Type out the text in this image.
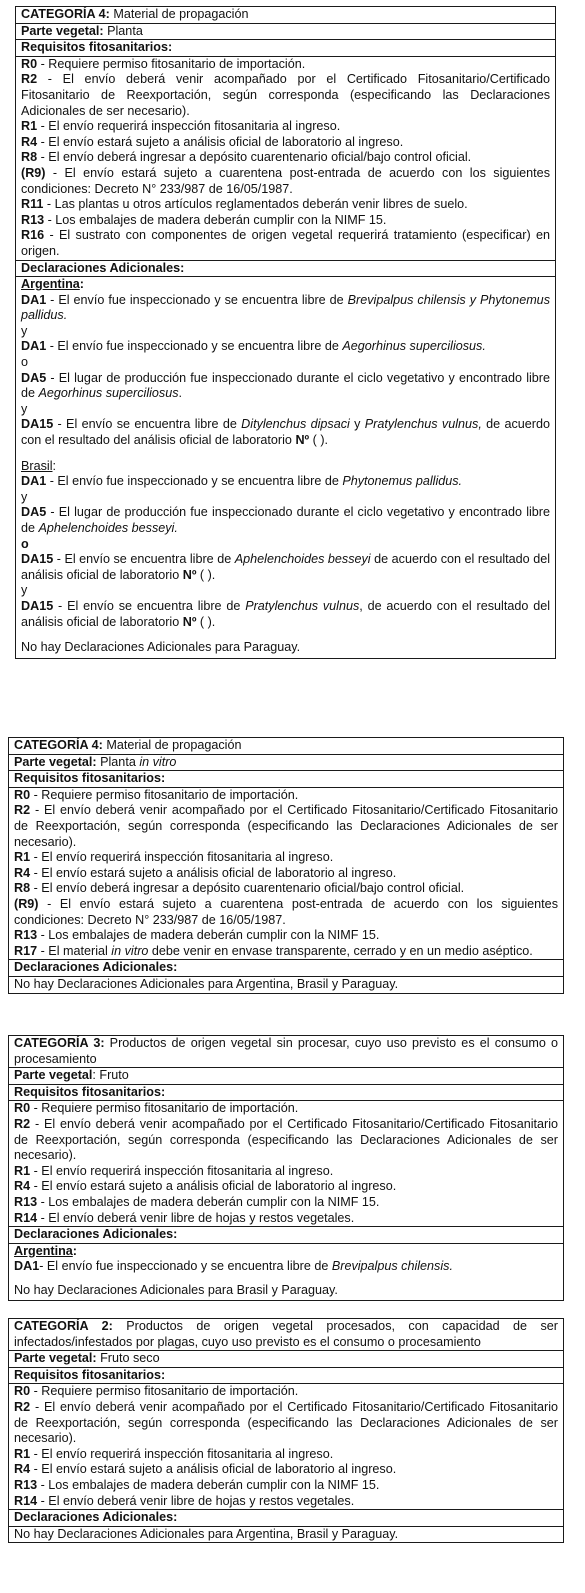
CATEGORÍA 4: Material de propagación
Parte vegetal: Planta
Requisitos fitosanitarios:

R0 - Requiere permiso fitosanitario de importación.
R2 - El envío deberá venir acompañado por el Certificado Fitosanitario/Certificado Fitosanitario de Reexportación, según corresponda (especificando las Declaraciones Adicionales de ser necesario).
R1 - El envío requerirá inspección fitosanitaria al ingreso.
R4 - El envío estará sujeto a análisis oficial de laboratorio al ingreso.
R8 - El envío deberá ingresar a depósito cuarentenario oficial/bajo control oficial.
(R9) - El envío estará sujeto a cuarentena post-entrada de acuerdo con los siguientes condiciones: Decreto N° 233/987 de 16/05/1987.
R11 - Las plantas u otros artículos reglamentados deberán venir libres de suelo.
R13 - Los embalajes de madera deberán cumplir con la NIMF 15.
R16 - El sustrato con componentes de origen vegetal requerirá tratamiento (especificar) en origen.

Declaraciones Adicionales:

Argentina:
DA1 - El envío fue inspeccionado y se encuentra libre de Brevipalpus chilensis y Phytonemus pallidus.
y
DA1 - El envío fue inspeccionado y se encuentra libre de Aegorhinus superciliosus.
o
DA5 - El lugar de producción fue inspeccionado durante el ciclo vegetativo y encontrado libre de Aegorhinus superciliosus.
y
DA15 - El envío se encuentra libre de Ditylenchus dipsaci y Pratylenchus vulnus, de acuerdo con el resultado del análisis oficial de laboratorio Nº ( ).
Brasil:
DA1 - El envío fue inspeccionado y se encuentra libre de Phytonemus pallidus.
y
DA5 - El lugar de producción fue inspeccionado durante el ciclo vegetativo y encontrado libre de Aphelenchoides besseyi.
o
DA15 - El envío se encuentra libre de Aphelenchoides besseyi de acuerdo con el resultado del análisis oficial de laboratorio Nº ( ).
y
DA15 - El envío se encuentra libre de Pratylenchus vulnus, de acuerdo con el resultado del análisis oficial de laboratorio Nº ( ).
No hay Declaraciones Adicionales para Paraguay.
CATEGORÍA 4: Material de propagación
Parte vegetal: Planta in vitro
Requisitos fitosanitarios:

R0 - Requiere permiso fitosanitario de importación.
R2 - El envío deberá venir acompañado por el Certificado Fitosanitario/Certificado Fitosanitario de Reexportación, según corresponda (especificando las Declaraciones Adicionales de ser necesario).
R1 - El envío requerirá inspección fitosanitaria al ingreso.
R4 - El envío estará sujeto a análisis oficial de laboratorio al ingreso.
R8 - El envío deberá ingresar a depósito cuarentenario oficial/bajo control oficial.
(R9) - El envío estará sujeto a cuarentena post-entrada de acuerdo con los siguientes condiciones: Decreto N° 233/987 de 16/05/1987.
R13 - Los embalajes de madera deberán cumplir con la NIMF 15.
R17 - El material in vitro debe venir en envase transparente, cerrado y en un medio aséptico.

Declaraciones Adicionales:
No hay Declaraciones Adicionales para Argentina, Brasil y Paraguay.
CATEGORÍA 3: Productos de origen vegetal sin procesar, cuyo uso previsto es el consumo o procesamiento
Parte vegetal: Fruto
Requisitos fitosanitarios:

R0 - Requiere permiso fitosanitario de importación.
R2 - El envío deberá venir acompañado por el Certificado Fitosanitario/Certificado Fitosanitario de Reexportación, según corresponda (especificando las Declaraciones Adicionales de ser necesario).
R1 - El envío requerirá inspección fitosanitaria al ingreso.
R4 - El envío estará sujeto a análisis oficial de laboratorio al ingreso.
R13 - Los embalajes de madera deberán cumplir con la NIMF 15.
R14 - El envío deberá venir libre de hojas y restos vegetales.

Declaraciones Adicionales:

Argentina:
DA1- El envío fue inspeccionado y se encuentra libre de Brevipalpus chilensis.
No hay Declaraciones Adicionales para Brasil y Paraguay.
CATEGORÍA 2: Productos de origen vegetal procesados, con capacidad de ser infectados/infestados por plagas, cuyo uso previsto es el consumo o procesamiento
Parte vegetal: Fruto seco
Requisitos fitosanitarios:

R0 - Requiere permiso fitosanitario de importación.
R2 - El envío deberá venir acompañado por el Certificado Fitosanitario/Certificado Fitosanitario de Reexportación, según corresponda (especificando las Declaraciones Adicionales de ser necesario).
R1 - El envío requerirá inspección fitosanitaria al ingreso.
R4 - El envío estará sujeto a análisis oficial de laboratorio al ingreso.
R13 - Los embalajes de madera deberán cumplir con la NIMF 15.
R14 - El envío deberá venir libre de hojas y restos vegetales.

Declaraciones Adicionales:
No hay Declaraciones Adicionales para Argentina, Brasil y Paraguay.
